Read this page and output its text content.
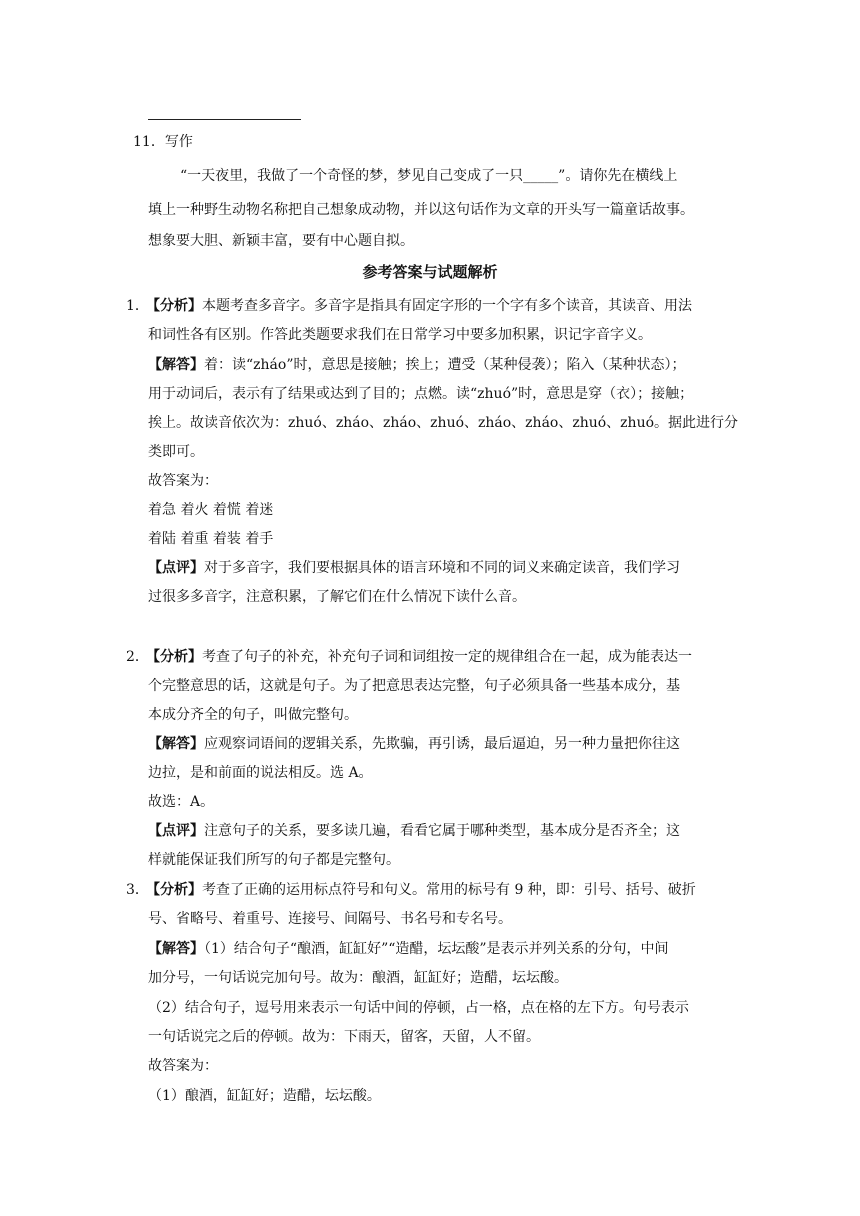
11．写作
“一天夜里，我做了一个奇怪的梦，梦见自己变成了一只_____”。请你先在横线上
填上一种野生动物名称把自己想象成动物，并以这句话作为文章的开头写一篇童话故事。
想象要大胆、新颖丰富，要有中心题自拟。
参考答案与试题解析
1．【分析】本题考查多音字。多音字是指具有固定字形的一个字有多个读音，其读音、用法
和词性各有区别。作答此类题要求我们在日常学习中要多加积累，识记字音字义。
【解答】着：读“zháo”时，意思是接触；挨上；遭受（某种侵袭）；陷入（某种状态）；
用于动词后，表示有了结果或达到了目的；点燃。读“zhuó”时，意思是穿（衣）；接触；
挨上。故读音依次为：zhuó、zháo、zháo、zhuó、zháo、zháo、zhuó、zhuó。据此进行分
类即可。
故答案为：
着急 着火 着慌 着迷
着陆 着重 着装 着手
【点评】对于多音字，我们要根据具体的语言环境和不同的词义来确定读音，我们学习
过很多多音字，注意积累，了解它们在什么情况下读什么音。
2．【分析】考查了句子的补充，补充句子词和词组按一定的规律组合在一起，成为能表达一
个完整意思的话，这就是句子。为了把意思表达完整，句子必须具备一些基本成分，基
本成分齐全的句子，叫做完整句。
【解答】应观察词语间的逻辑关系，先欺骗，再引诱，最后逼迫，另一种力量把你往这
边拉，是和前面的说法相反。选 A。
故选：A。
【点评】注意句子的关系，要多读几遍，看看它属于哪种类型，基本成分是否齐全；这
样就能保证我们所写的句子都是完整句。
3．【分析】考查了正确的运用标点符号和句义。常用的标号有 9 种，即：引号、括号、破折
号、省略号、着重号、连接号、间隔号、书名号和专名号。
【解答】（1）结合句子“酿酒，缸缸好”“造醋，坛坛酸”是表示并列关系的分句，中间
加分号，一句话说完加句号。故为：酿酒，缸缸好；造醋，坛坛酸。
（2）结合句子，逗号用来表示一句话中间的停顿，占一格，点在格的左下方。句号表示
一句话说完之后的停顿。故为：下雨天，留客，天留，人不留。
故答案为：
（1）酿酒，缸缸好；造醋，坛坛酸。
